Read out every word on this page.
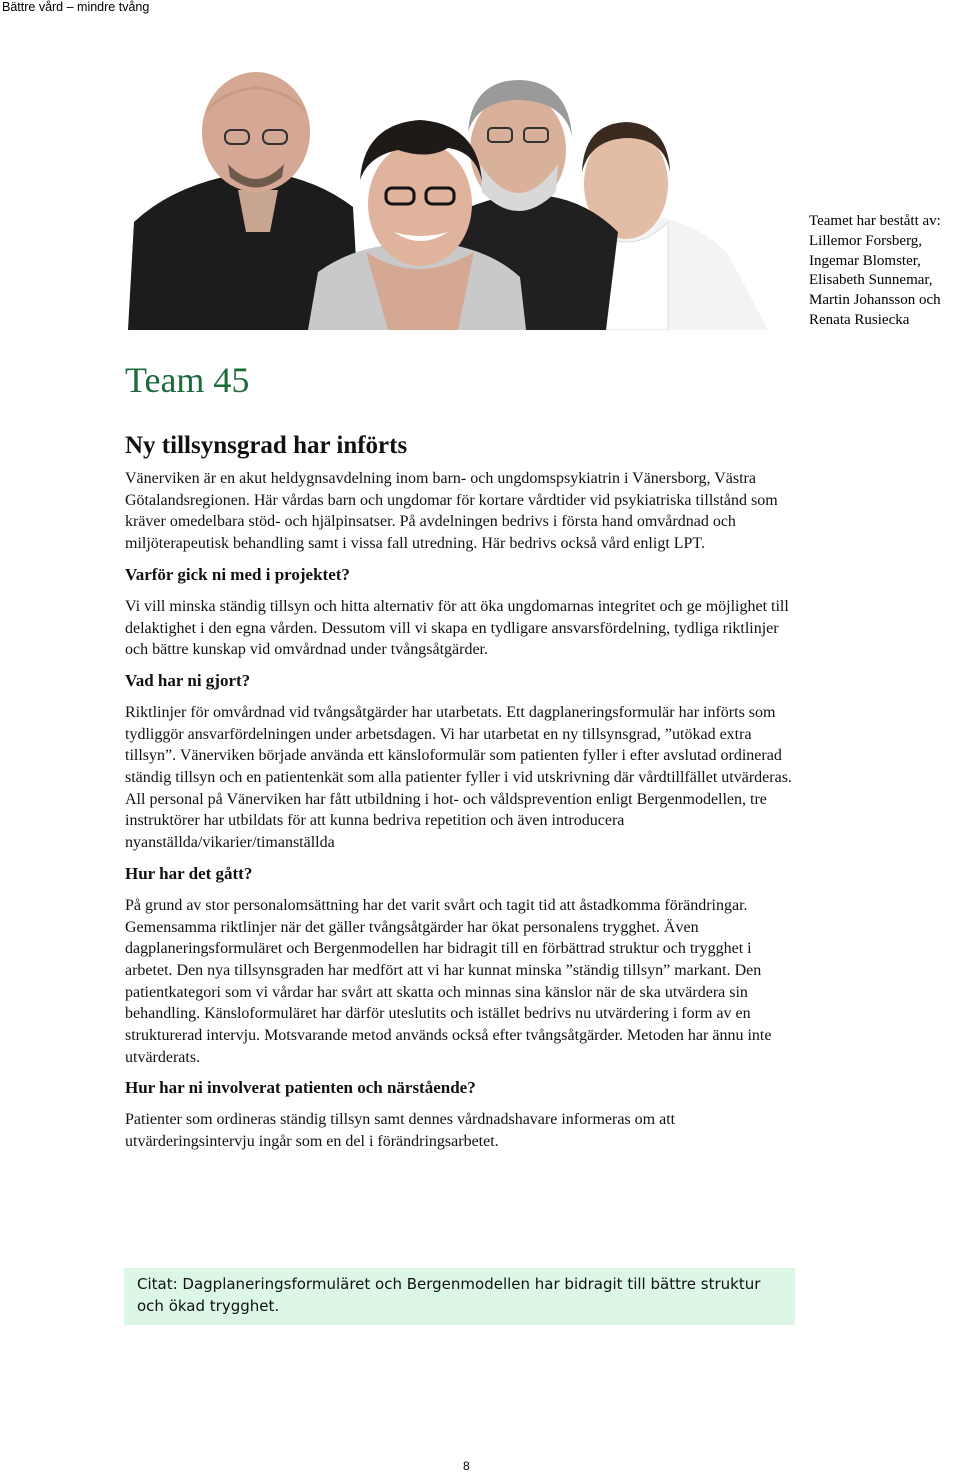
Bättre vård – mindre tvång
Teamet har bestått av:
Lillemor Forsberg,
Ingemar Blomster,
Elisabeth Sunnemar,
Martin Johansson och
Renata Rusiecka
Team 45
Ny tillsynsgrad har införts

Vänerviken är en akut heldygnsavdelning inom barn- och ungdomspsykiatrin i Vänersborg, Västra Götalandsregionen. Här vårdas barn och ungdomar för kortare vårdtider vid psykiatriska tillstånd som kräver omedelbara stöd- och hjälpinsatser. På avdelningen bedrivs i första hand omvårdnad och miljöterapeutisk behandling samt i vissa fall utredning. Här bedrivs också vård enligt LPT.

Varför gick ni med i projektet?

Vi vill minska ständig tillsyn och hitta alternativ för att öka ungdomarnas integritet och ge möjlighet till delaktighet i den egna vården. Dessutom vill vi skapa en tydligare ansvarsfördelning, tydliga riktlinjer och bättre kunskap vid omvårdnad under tvångsåtgärder.

Vad har ni gjort?

Riktlinjer för omvårdnad vid tvångsåtgärder har utarbetats. Ett dagplaneringsformulär har införts som tydliggör ansvarfördelningen under arbetsdagen. Vi har utarbetat en ny tillsynsgrad, ”utökad extra tillsyn”. Vänerviken började använda ett känsloformulär som patienten fyller i efter avslutad ordinerad ständig tillsyn och en patientenkät som alla patienter fyller i vid utskrivning där vårdtillfället utvärderas. All personal på Vänerviken har fått utbildning i hot- och våldsprevention enligt Bergenmodellen, tre instruktörer har utbildats för att kunna bedriva repetition och även introducera nyanställda/vikarier/timanställda

Hur har det gått?

På grund av stor personalomsättning har det varit svårt och tagit tid att åstadkomma förändringar. Gemensamma riktlinjer när det gäller tvångsåtgärder har ökat personalens trygghet. Även dagplaneringsformuläret och Bergenmodellen har bidragit till en förbättrad struktur och trygghet i arbetet. Den nya tillsynsgraden har medfört att vi har kunnat minska ”ständig tillsyn” markant. Den patientkategori som vi vårdar har svårt att skatta och minnas sina känslor när de ska utvärdera sin behandling. Känsloformuläret har därför uteslutits och istället bedrivs nu utvärdering i form av en strukturerad intervju. Motsvarande metod används också efter tvångsåtgärder. Metoden har ännu inte utvärderats.

Hur har ni involverat patienten och närstående?

Patienter som ordineras ständig tillsyn samt dennes vårdnadshavare informeras om att utvärderingsintervju ingår som en del i förändringsarbetet.

Citat: Dagplaneringsformuläret och Bergenmodellen har bidragit till bättre struktur och ökad trygghet.
8
